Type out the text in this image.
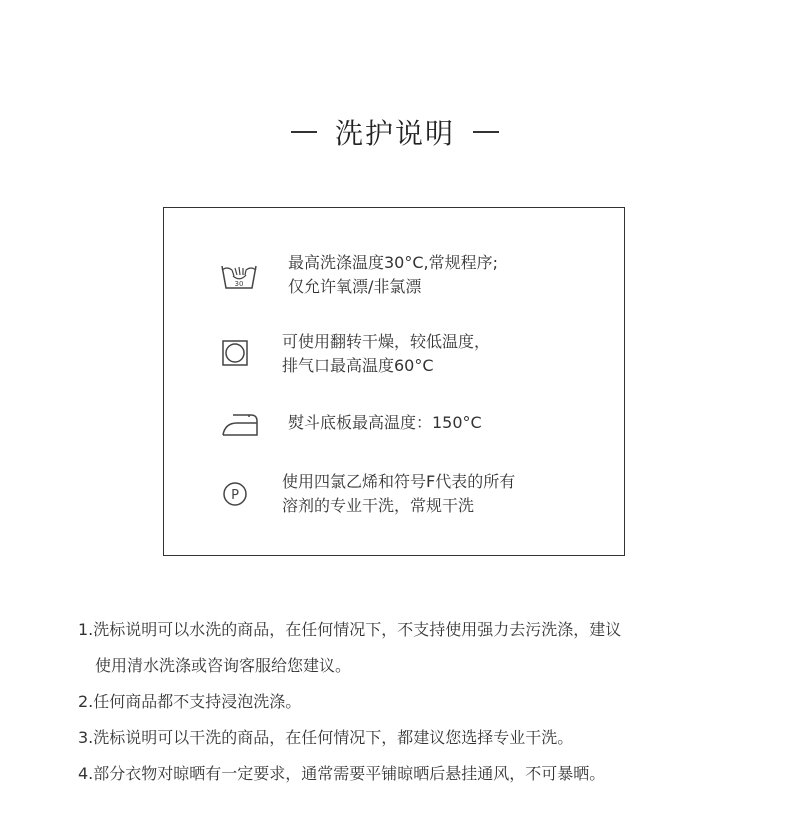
洗护说明
30
最高洗涤温度30°C,常规程序;
仅允许氧漂/非氯漂
可使用翻转干燥，较低温度，
排气口最高温度60°C
熨斗底板最高温度：150°C
P
使用四氯乙烯和符号F代表的所有
溶剂的专业干洗，常规干洗
1.洗标说明可以水洗的商品，在任何情况下，不支持使用强力去污洗涤，建议
使用清水洗涤或咨询客服给您建议。
2.任何商品都不支持浸泡洗涤。
3.洗标说明可以干洗的商品，在任何情况下，都建议您选择专业干洗。
4.部分衣物对晾晒有一定要求，通常需要平铺晾晒后悬挂通风，不可暴晒。
